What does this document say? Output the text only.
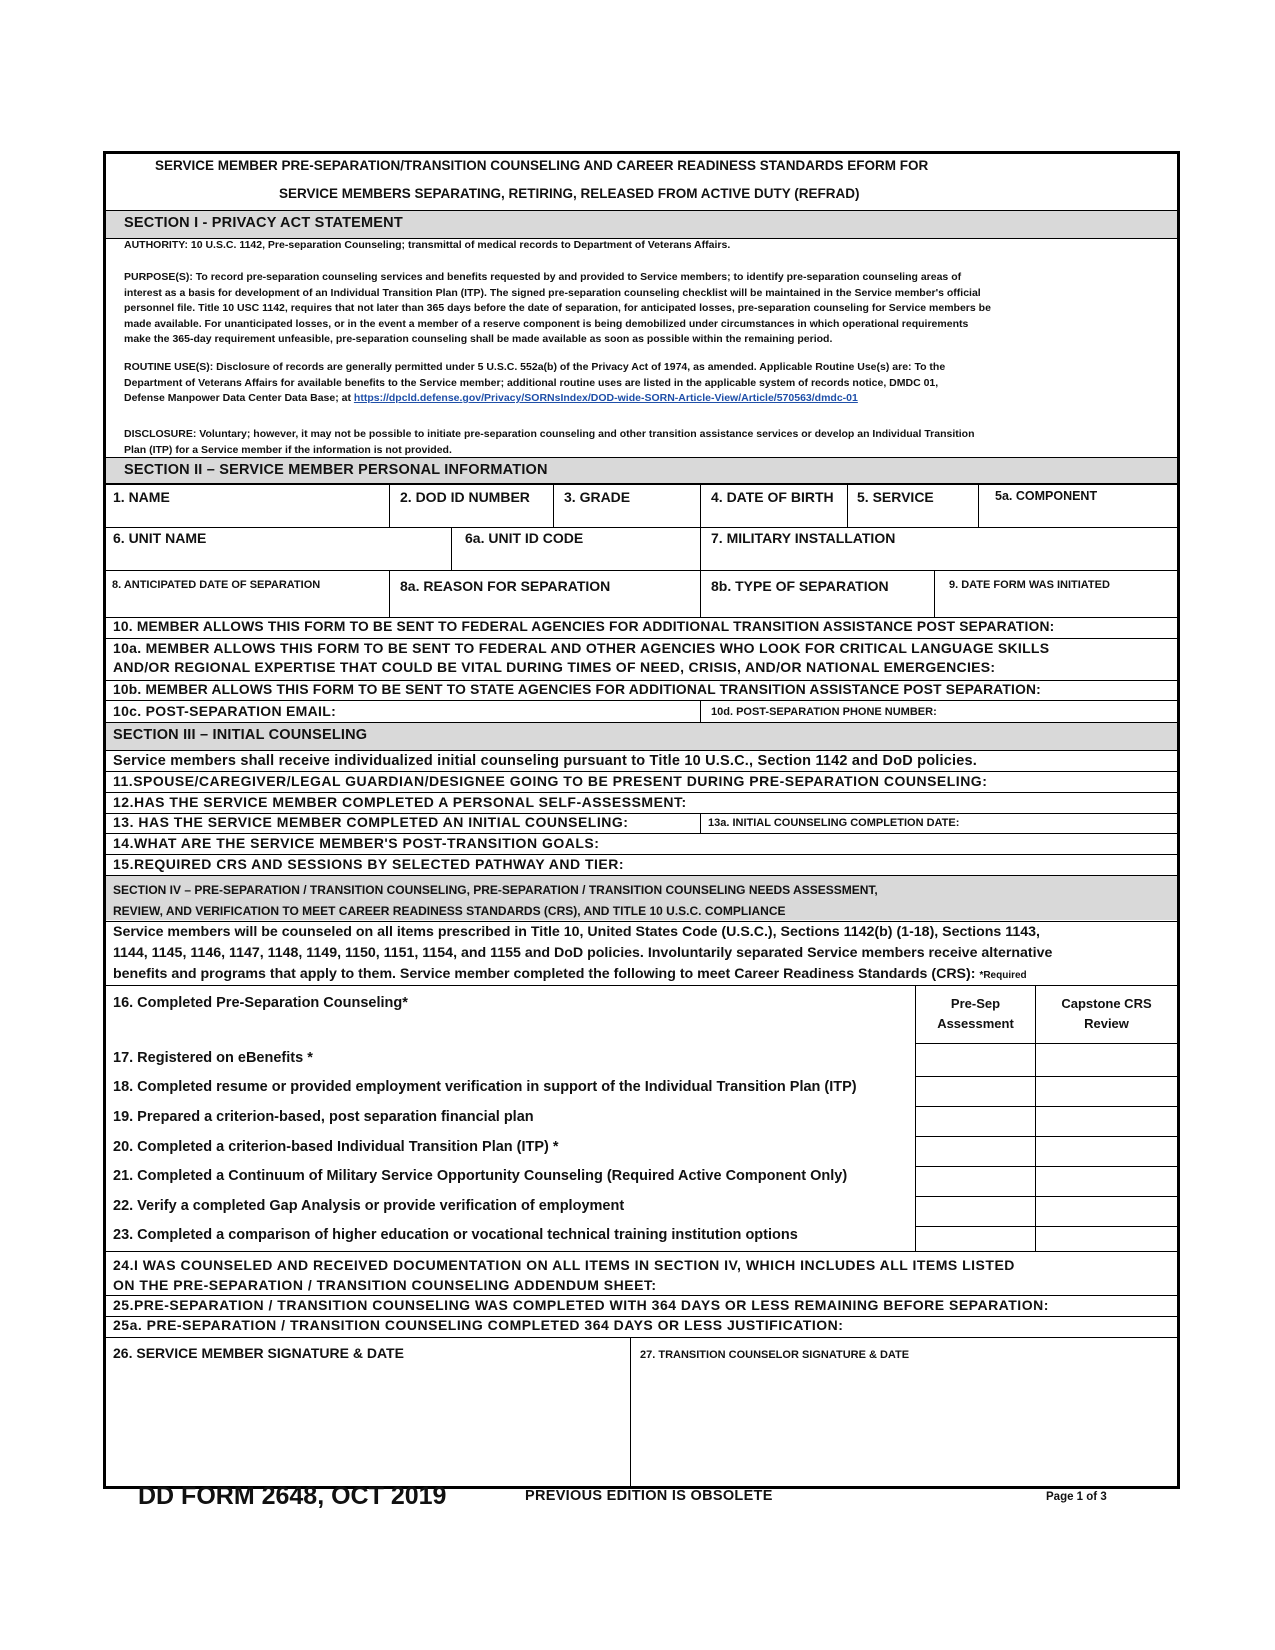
SERVICE MEMBER PRE-SEPARATION/TRANSITION COUNSELING AND CAREER READINESS STANDARDS EFORM FOR
SERVICE MEMBERS SEPARATING, RETIRING, RELEASED FROM ACTIVE DUTY (REFRAD)
SECTION I - PRIVACY ACT STATEMENT
AUTHORITY: 10 U.S.C. 1142, Pre-separation Counseling; transmittal of medical records to Department of Veterans Affairs.
PURPOSE(S): To record pre-separation counseling services and benefits requested by and provided to Service members; to identify pre-separation counseling areas of
interest as a basis for development of an Individual Transition Plan (ITP). The signed pre-separation counseling checklist will be maintained in the Service member's official
personnel file. Title 10 USC 1142, requires that not later than 365 days before the date of separation, for anticipated losses, pre-separation counseling for Service members be
made available. For unanticipated losses, or in the event a member of a reserve component is being demobilized under circumstances in which operational requirements
make the 365-day requirement unfeasible, pre-separation counseling shall be made available as soon as possible within the remaining period.
ROUTINE USE(S): Disclosure of records are generally permitted under 5 U.S.C. 552a(b) of the Privacy Act of 1974, as amended. Applicable Routine Use(s) are: To the
Department of Veterans Affairs for available benefits to the Service member; additional routine uses are listed in the applicable system of records notice, DMDC 01,
Defense Manpower Data Center Data Base; at https://dpcld.defense.gov/Privacy/SORNsIndex/DOD-wide-SORN-Article-View/Article/570563/dmdc-01
DISCLOSURE: Voluntary; however, it may not be possible to initiate pre-separation counseling and other transition assistance services or develop an Individual Transition
Plan (ITP) for a Service member if the information is not provided.
SECTION II – SERVICE MEMBER PERSONAL INFORMATION
1. NAME	2. DOD ID NUMBER 3. GRADE	4. DATE OF BIRTH 5. SERVICE	5a. COMPONENT
6. UNIT NAME	6a. UNIT ID CODE	7. MILITARY INSTALLATION
8. ANTICIPATED DATE OF SEPARATION	8a. REASON FOR SEPARATION	8b. TYPE OF SEPARATION	9. DATE FORM WAS INITIATED
10. MEMBER ALLOWS THIS FORM TO BE SENT TO FEDERAL AGENCIES FOR ADDITIONAL TRANSITION ASSISTANCE POST SEPARATION:
10a. MEMBER ALLOWS THIS FORM TO BE SENT TO FEDERAL AND OTHER AGENCIES WHO LOOK FOR CRITICAL LANGUAGE SKILLS
AND/OR REGIONAL EXPERTISE THAT COULD BE VITAL DURING TIMES OF NEED, CRISIS, AND/OR NATIONAL EMERGENCIES:
10b. MEMBER ALLOWS THIS FORM TO BE SENT TO STATE AGENCIES FOR ADDITIONAL TRANSITION ASSISTANCE POST SEPARATION:
10c. POST-SEPARATION EMAIL:	10d. POST-SEPARATION PHONE NUMBER:
SECTION III – INITIAL COUNSELING
Service members shall receive individualized initial counseling pursuant to Title 10 U.S.C., Section 1142 and DoD policies.
11.SPOUSE/CAREGIVER/LEGAL GUARDIAN/DESIGNEE GOING TO BE PRESENT DURING PRE-SEPARATION COUNSELING:
12.HAS THE SERVICE MEMBER COMPLETED A PERSONAL SELF-ASSESSMENT:
13. HAS THE SERVICE MEMBER COMPLETED AN INITIAL COUNSELING:	13a. INITIAL COUNSELING COMPLETION DATE:
14.WHAT ARE THE SERVICE MEMBER'S POST-TRANSITION GOALS:
15.REQUIRED CRS AND SESSIONS BY SELECTED PATHWAY AND TIER:
SECTION IV – PRE-SEPARATION / TRANSITION COUNSELING, PRE-SEPARATION / TRANSITION COUNSELING NEEDS ASSESSMENT,
REVIEW, AND VERIFICATION TO MEET CAREER READINESS STANDARDS (CRS), AND TITLE 10 U.S.C. COMPLIANCE
Service members will be counseled on all items prescribed in Title 10, United States Code (U.S.C.), Sections 1142(b) (1-18), Sections 1143,
1144, 1145, 1146, 1147, 1148, 1149, 1150, 1151, 1154, and 1155 and DoD policies. Involuntarily separated Service members receive alternative
benefits and programs that apply to them. Service member completed the following to meet Career Readiness Standards (CRS): *Required
Pre-Sep
Assessment
Capstone CRS
Review
16. Completed Pre-Separation Counseling*
17. Registered on eBenefits *
18. Completed resume or provided employment verification in support of the Individual Transition Plan (ITP)
19. Prepared a criterion-based, post separation financial plan
20. Completed a criterion-based Individual Transition Plan (ITP) *
21. Completed a Continuum of Military Service Opportunity Counseling (Required Active Component Only)
22. Verify a completed Gap Analysis or provide verification of employment
23. Completed a comparison of higher education or vocational technical training institution options
24.I WAS COUNSELED AND RECEIVED DOCUMENTATION ON ALL ITEMS IN SECTION IV, WHICH INCLUDES ALL ITEMS LISTED
ON THE PRE-SEPARATION / TRANSITION COUNSELING ADDENDUM SHEET:
25.PRE-SEPARATION / TRANSITION COUNSELING WAS COMPLETED WITH 364 DAYS OR LESS REMAINING BEFORE SEPARATION:
25a. PRE-SEPARATION / TRANSITION COUNSELING COMPLETED 364 DAYS OR LESS JUSTIFICATION:
26. SERVICE MEMBER SIGNATURE & DATE	27. TRANSITION COUNSELOR SIGNATURE & DATE
DD FORM 2648, OCT 2019	PREVIOUS EDITION IS OBSOLETE	Page 1 of 3
